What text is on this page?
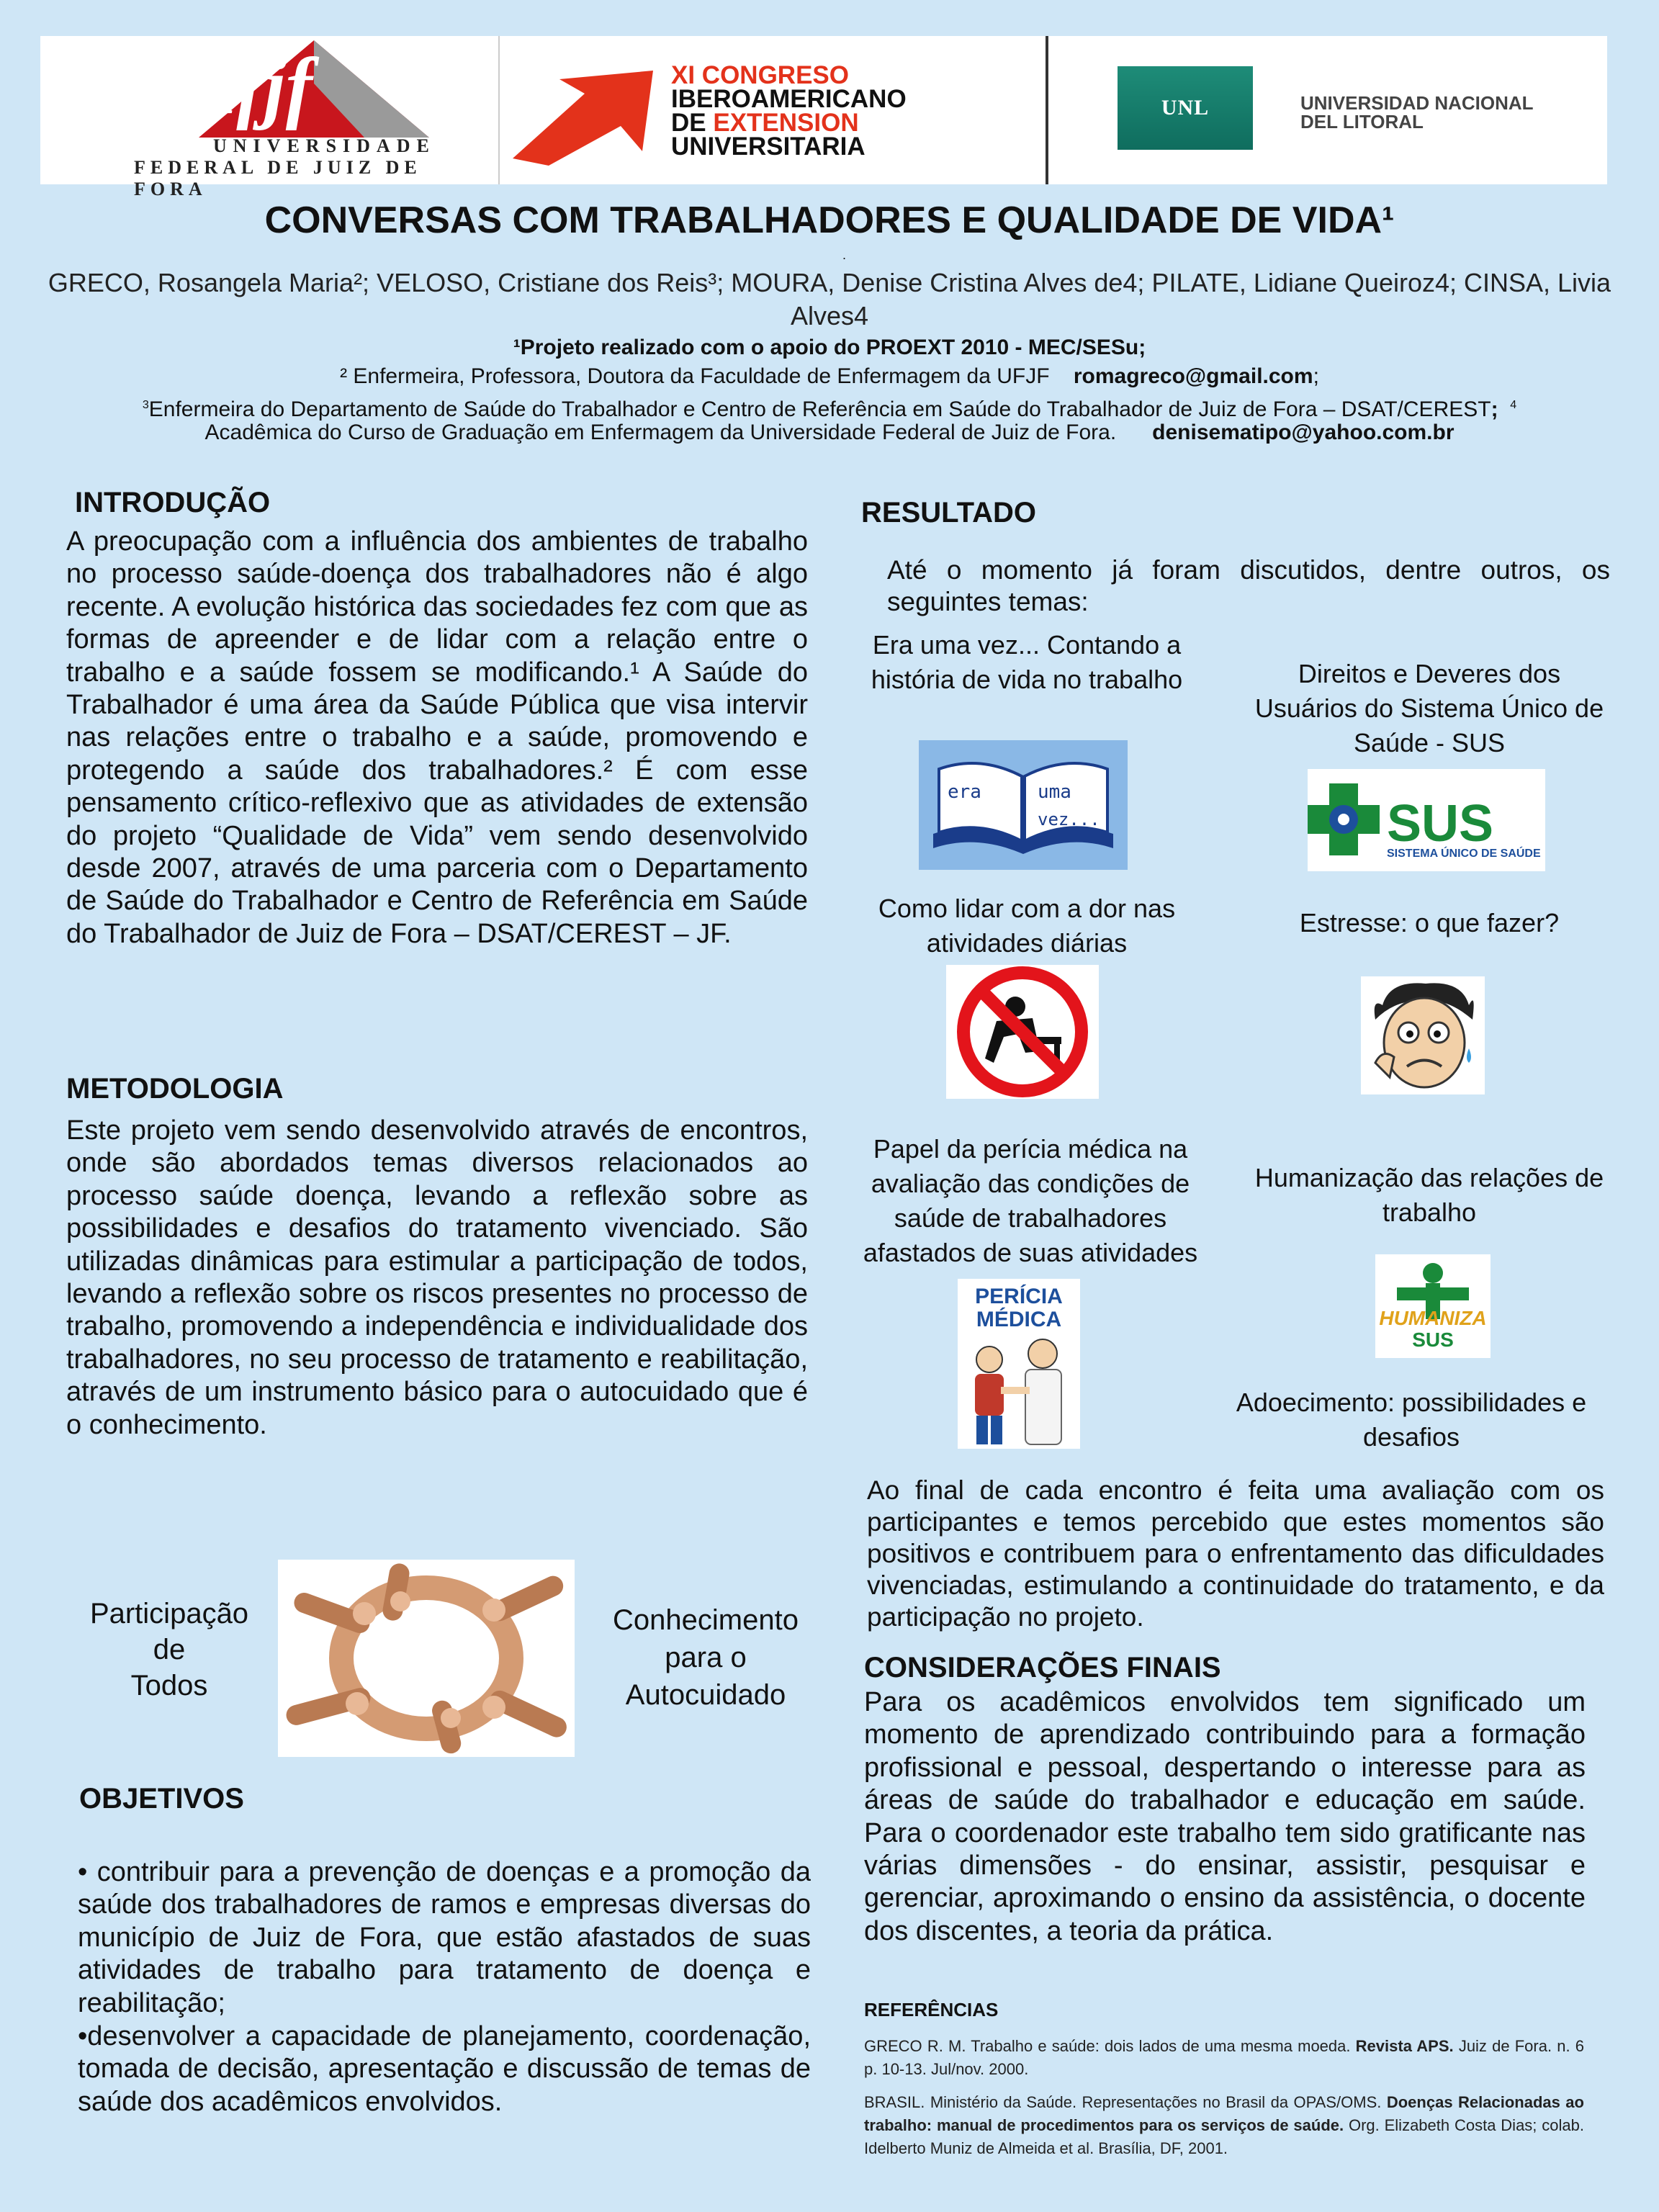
ufjf
UNIVERSIDADE
FEDERAL DE JUIZ DE FORA
XI CONGRESO
IBEROAMERICANO
DE EXTENSION
UNIVERSITARIA
UNL	UNIVERSIDAD NACIONAL
DEL LITORAL
CONVERSAS COM TRABALHADORES E QUALIDADE DE VIDA¹
.
GRECO, Rosangela Maria²; VELOSO, Cristiane dos Reis³; MOURA, Denise Cristina Alves de4; PILATE, Lidiane Queiroz4; CINSA, Livia Alves4
¹Projeto realizado com o apoio do PROEXT 2010 - MEC/SESu;
² Enfermeira, Professora, Doutora da Faculdade de Enfermagem da UFJF romagreco@gmail.com;
$^3$Enfermeira do Departamento de Saúde do Trabalhador e Centro de Referência em Saúde do Trabalhador de Juiz de Fora – DSAT/CEREST; $^4$
Acadêmica do Curso de Graduação em Enfermagem da Universidade Federal de Juiz de Fora. denisematipo@yahoo.com.br
INTRODUÇÃO
A preocupação com a influência dos ambientes de trabalho no processo saúde-doença dos trabalhadores não é algo recente. A evolução histórica das sociedades fez com que as formas de apreender e de lidar com a relação entre o trabalho e a saúde fossem se modificando.¹ A Saúde do Trabalhador é uma área da Saúde Pública que visa intervir nas relações entre o trabalho e a saúde, promovendo e protegendo a saúde dos trabalhadores.² É com esse pensamento crítico-reflexivo que as atividades de extensão do projeto “Qualidade de Vida” vem sendo desenvolvido desde 2007, através de uma parceria com o Departamento de Saúde do Trabalhador e Centro de Referência em Saúde do Trabalhador de Juiz de Fora – DSAT/CEREST – JF.
METODOLOGIA
Este projeto vem sendo desenvolvido através de encontros, onde são abordados temas diversos relacionados ao processo saúde doença, levando a reflexão sobre as possibilidades e desafios do tratamento vivenciado. São utilizadas dinâmicas para estimular a participação de todos, levando a reflexão sobre os riscos presentes no processo de trabalho, promovendo a independência e individualidade dos trabalhadores, no seu processo de tratamento e reabilitação, através de um instrumento básico para o autocuidado que é o conhecimento.
Participação
de
Todos
Conhecimento
para o
Autocuidado
OBJETIVOS
• contribuir para a prevenção de doenças e a promoção da saúde dos trabalhadores de ramos e empresas diversas do município de Juiz de Fora, que estão afastados de suas atividades de trabalho para tratamento de doença e reabilitação;
•desenvolver a capacidade de planejamento, coordenação, tomada de decisão, apresentação e discussão de temas de saúde dos acadêmicos envolvidos.
RESULTADO
Até o momento já foram discutidos, dentre outros, os seguintes temas:
Era uma vez... Contando a história de vida no trabalho
era	uma
vez...
Direitos e Deveres dos Usuários do Sistema Único de Saúde - SUS
SUS
SISTEMA ÚNICO DE SAÚDE
Como lidar com a dor nas atividades diárias
Estresse: o que fazer?
Papel da perícia médica na avaliação das condições de saúde de trabalhadores afastados de suas atividades
PERÍCIA
MÉDICA
Humanização das relações de trabalho
HUMANIZA
SUS
Adoecimento: possibilidades e desafios
Ao final de cada encontro é feita uma avaliação com os participantes e temos percebido que estes momentos são positivos e contribuem para o enfrentamento das dificuldades vivenciadas, estimulando a continuidade do tratamento, e da participação no projeto.
CONSIDERAÇÕES FINAIS
Para os acadêmicos envolvidos tem significado um momento de aprendizado contribuindo para a formação profissional e pessoal, despertando o interesse para as áreas de saúde do trabalhador e educação em saúde. Para o coordenador este trabalho tem sido gratificante nas várias dimensões - do ensinar, assistir, pesquisar e gerenciar, aproximando o ensino da assistência, o docente dos discentes, a teoria da prática.
REFERÊNCIAS
GRECO R. M. Trabalho e saúde: dois lados de uma mesma moeda. Revista APS. Juiz de Fora. n. 6 p. 10-13. Jul/nov. 2000.
BRASIL. Ministério da Saúde. Representações no Brasil da OPAS/OMS. Doenças Relacionadas ao trabalho: manual de procedimentos para os serviços de saúde. Org. Elizabeth Costa Dias; colab. Idelberto Muniz de Almeida et al. Brasília, DF, 2001.
